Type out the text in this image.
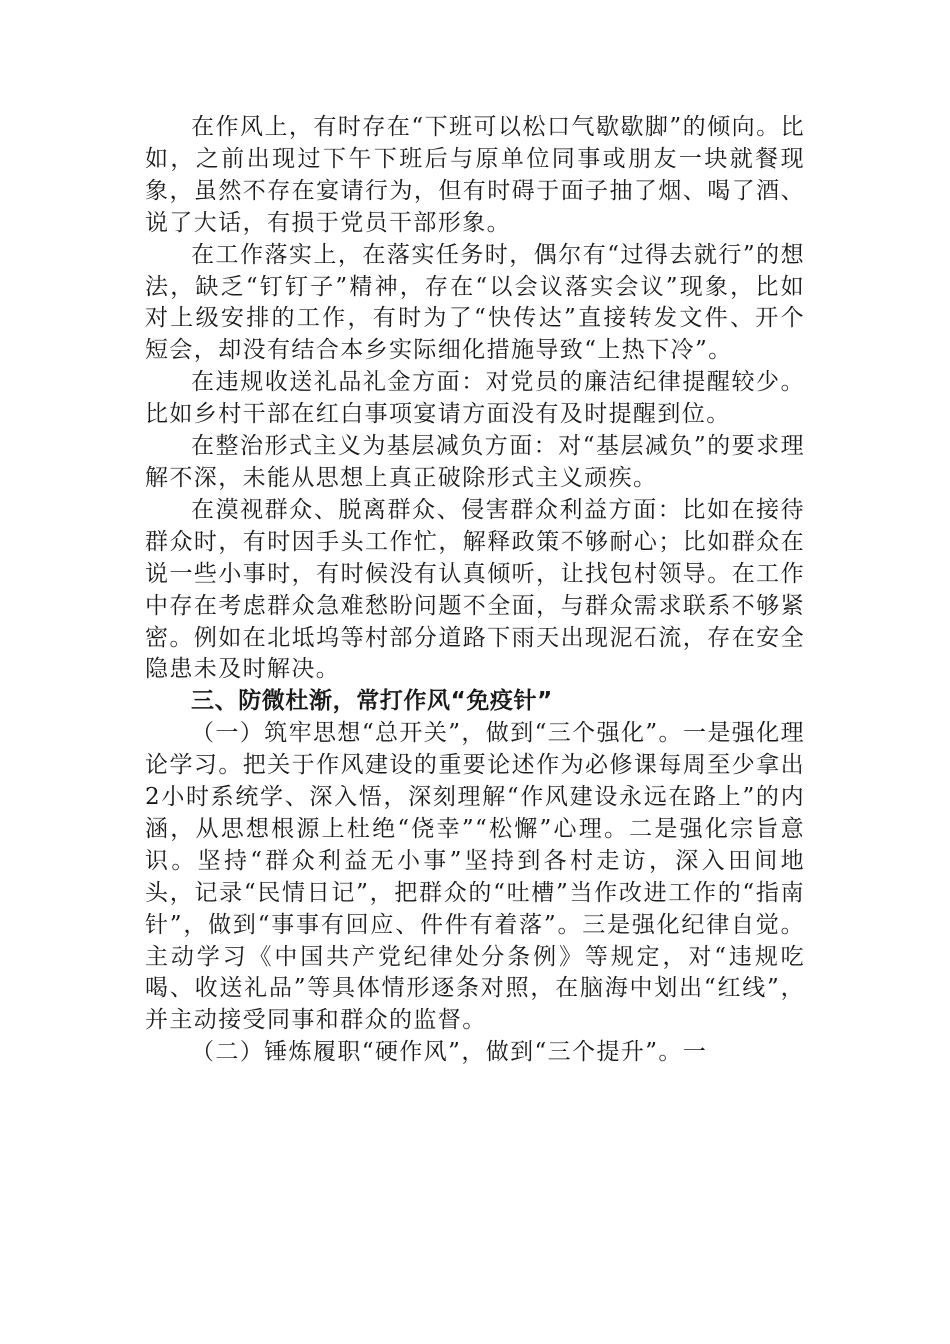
在作风上，有时存在“下班可以松口气歇歇脚”的倾向。比如，之前出现过下午下班后与原单位同事或朋友一块就餐现象，虽然不存在宴请行为，但有时碍于面子抽了烟、喝了酒、说了大话，有损于党员干部形象。

在工作落实上，在落实任务时，偶尔有“过得去就行”的想法，缺乏“钉钉子”精神，存在“以会议落实会议”现象，比如对上级安排的工作，有时为了“快传达”直接转发文件、开个短会，却没有结合本乡实际细化措施导致“上热下冷”。

在违规收送礼品礼金方面：对党员的廉洁纪律提醒较少。比如乡村干部在红白事项宴请方面没有及时提醒到位。

在整治形式主义为基层减负方面：对“基层减负”的要求理解不深，未能从思想上真正破除形式主义顽疾。

在漠视群众、脱离群众、侵害群众利益方面：比如在接待群众时，有时因手头工作忙，解释政策不够耐心；比如群众在说一些小事时，有时候没有认真倾听，让找包村领导。在工作中存在考虑群众急难愁盼问题不全面，与群众需求联系不够紧密。例如在北坻坞等村部分道路下雨天出现泥石流，存在安全隐患未及时解决。

三、防微杜渐，常打作风“免疫针”

（一）筑牢思想“总开关”，做到“三个强化”。一是强化理论学习。把关于作风建设的重要论述作为必修课每周至少拿出2小时系统学、深入悟，深刻理解“作风建设永远在路上”的内涵，从思想根源上杜绝“侥幸”“松懈”心理。二是强化宗旨意识。坚持“群众利益无小事”坚持到各村走访，深入田间地头，记录“民情日记”，把群众的“吐槽”当作改进工作的“指南针”，做到“事事有回应、件件有着落”。三是强化纪律自觉。主动学习《中国共产党纪律处分条例》等规定，对“违规吃喝、收送礼品”等具体情形逐条对照，在脑海中划出“红线”，并主动接受同事和群众的监督。

（二）锤炼履职“硬作风”，做到“三个提升”。一
